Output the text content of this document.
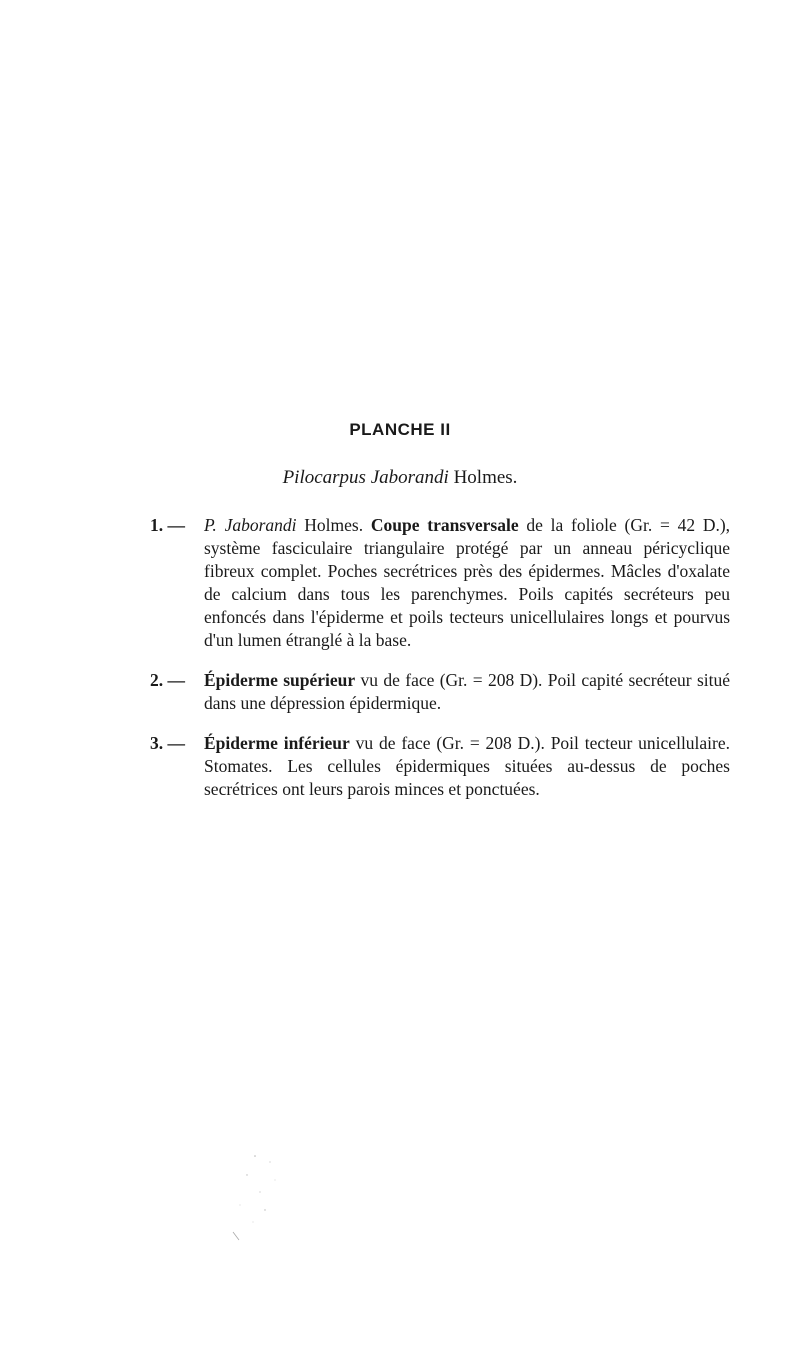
PLANCHE II
Pilocarpus Jaborandi Holmes.
1. —	P. Jaborandi Holmes. Coupe transversale de la foliole (Gr. = 42 D.), système fasciculaire triangulaire protégé par un anneau péricyclique fibreux complet. Poches secrétrices près des épidermes. Mâcles d'oxalate de calcium dans tous les parenchymes. Poils capités secréteurs peu enfoncés dans l'épiderme et poils tecteurs unicellulaires longs et pourvus d'un lumen étranglé à la base.
2. —	Épiderme supérieur vu de face (Gr. = 208 D). Poil capité secréteur situé dans une dépression épidermique.
3. —	Épiderme inférieur vu de face (Gr. = 208 D.). Poil tecteur unicellulaire. Stomates. Les cellules épidermiques situées au-dessus de poches secrétrices ont leurs parois minces et ponctuées.
